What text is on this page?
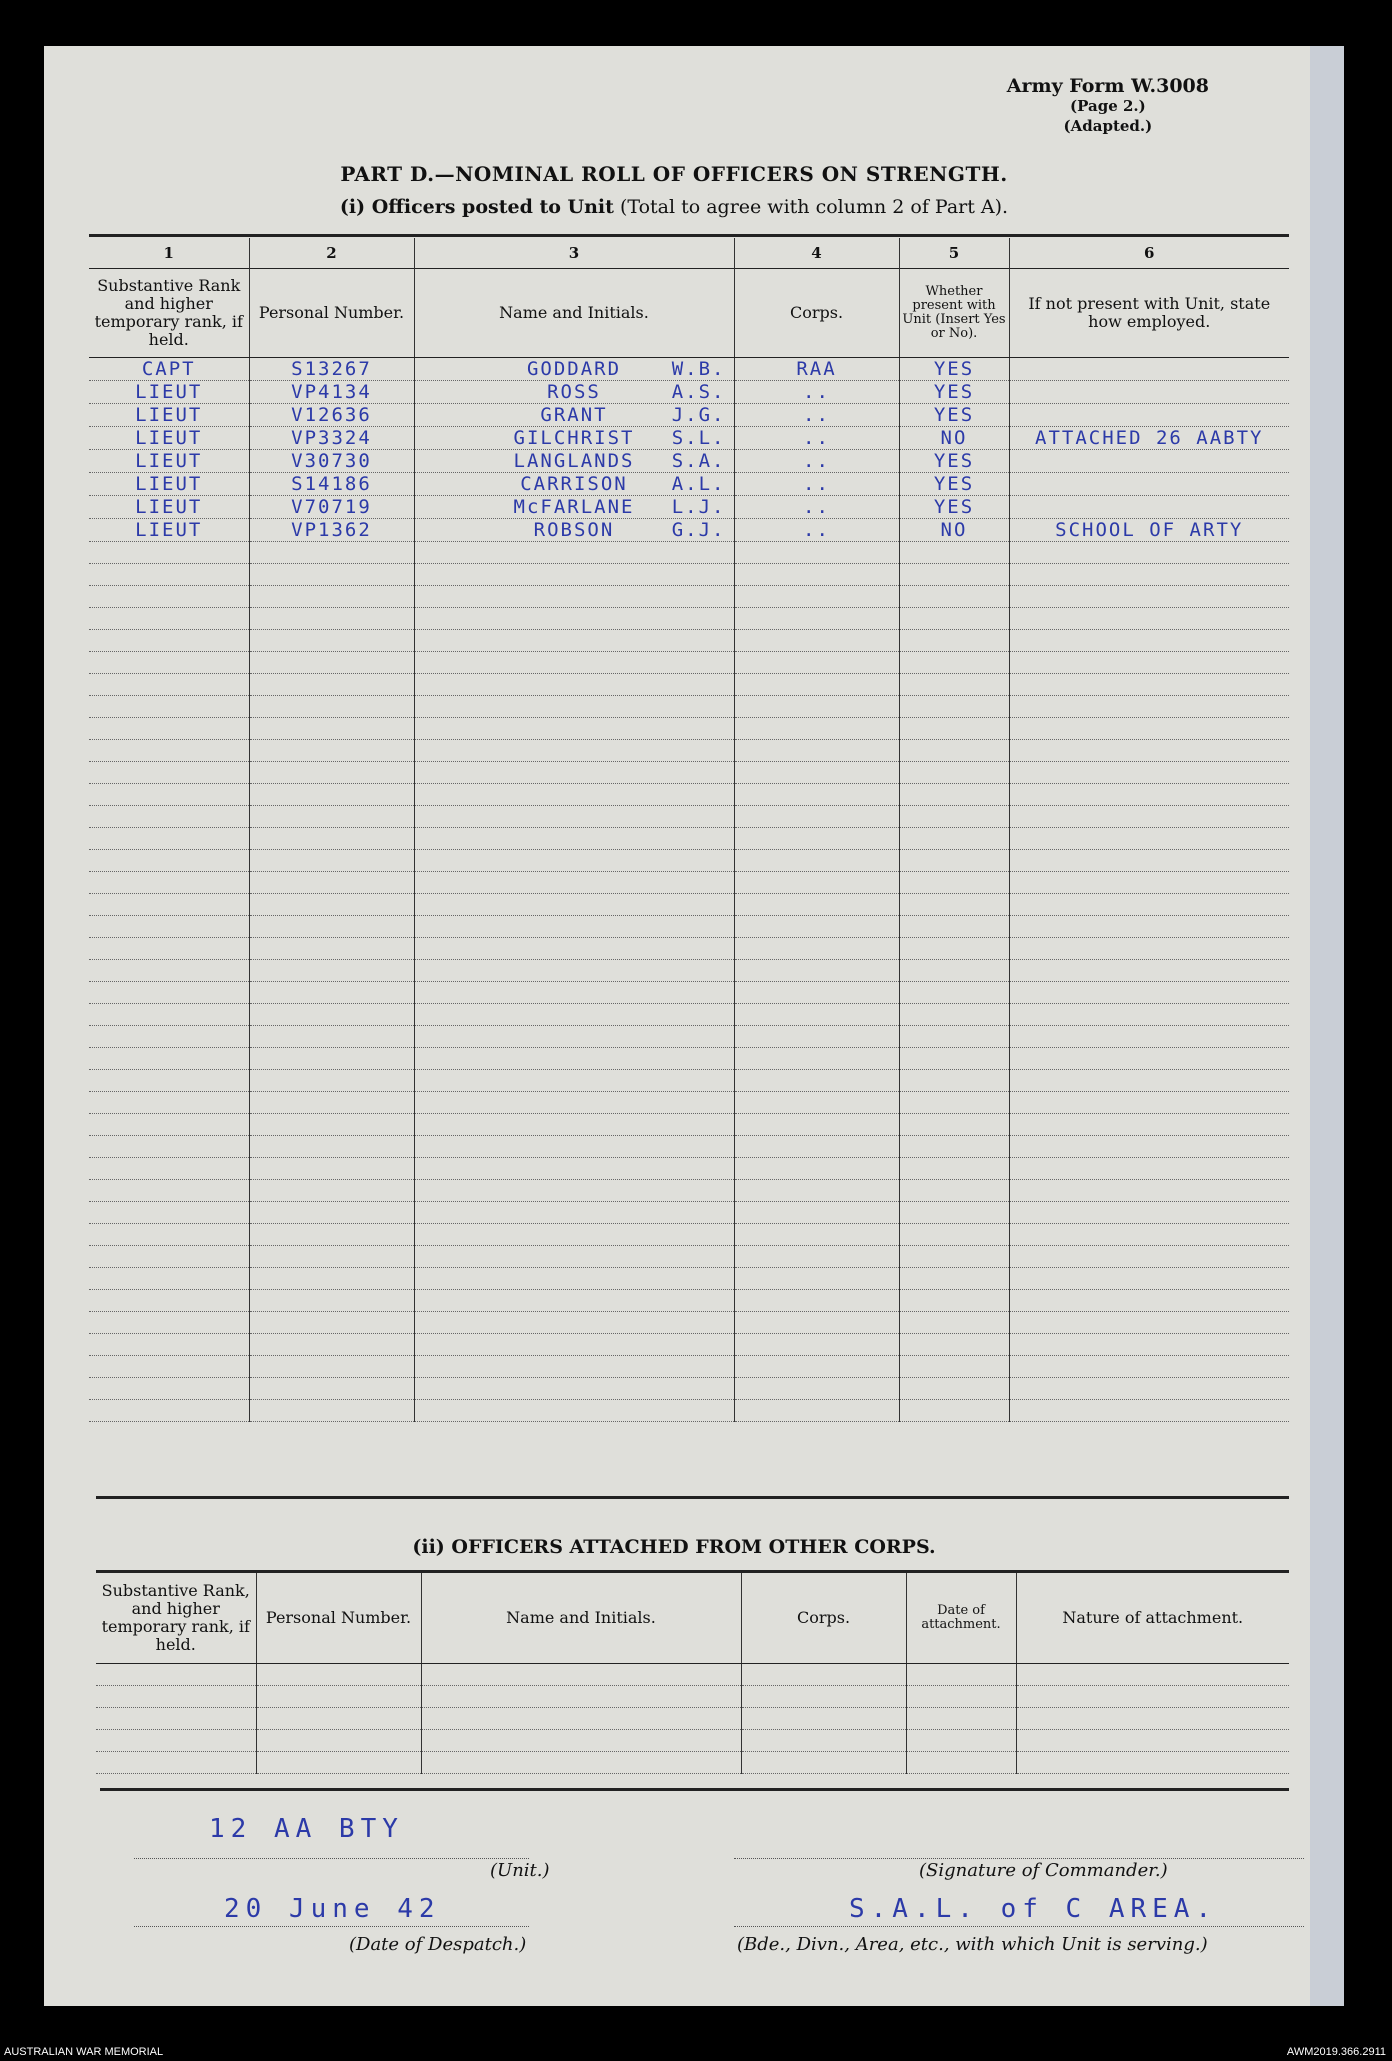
Army Form W.3008
(Page 2.)
(Adapted.)
PART D.—NOMINAL ROLL OF OFFICERS ON STRENGTH.
(i) Officers posted to Unit (Total to agree with column 2 of Part A).
1	2	3	4	5	6
Substantive Rank and higher temporary rank, if held.	Personal Number.	Name and Initials.	Corps.	Whether present with Unit (Insert Yes or No).	If not present with Unit, state how employed.
CAPT	S13267	GODDARD W.B.	RAA	YES	
LIEUT	VP4134	ROSS A.S.	..	YES	
LIEUT	V12636	GRANT J.G.	..	YES	
LIEUT	VP3324	GILCHRIST S.L.	..	NO	ATTACHED 26 AABTY
LIEUT	V30730	LANGLANDS S.A.	..	YES	
LIEUT	S14186	CARRISON A.L.	..	YES	
LIEUT	V70719	McFARLANE L.J.	..	YES	
LIEUT	VP1362	ROBSON G.J.	..	NO	SCHOOL OF ARTY

(ii) OFFICERS ATTACHED FROM OTHER CORPS.
Substantive Rank, and higher temporary rank, if held.	Personal Number.	Name and Initials.	Corps.	Date of attachment.	Nature of attachment.

12 AA BTY
(Unit.)	(Signature of Commander.)
20 June 42
(Date of Despatch.)
S.A.L. of C AREA.
(Bde., Divn., Area, etc., with which Unit is serving.)
AUSTRALIAN WAR MEMORIAL	AWM2019.366.2911
